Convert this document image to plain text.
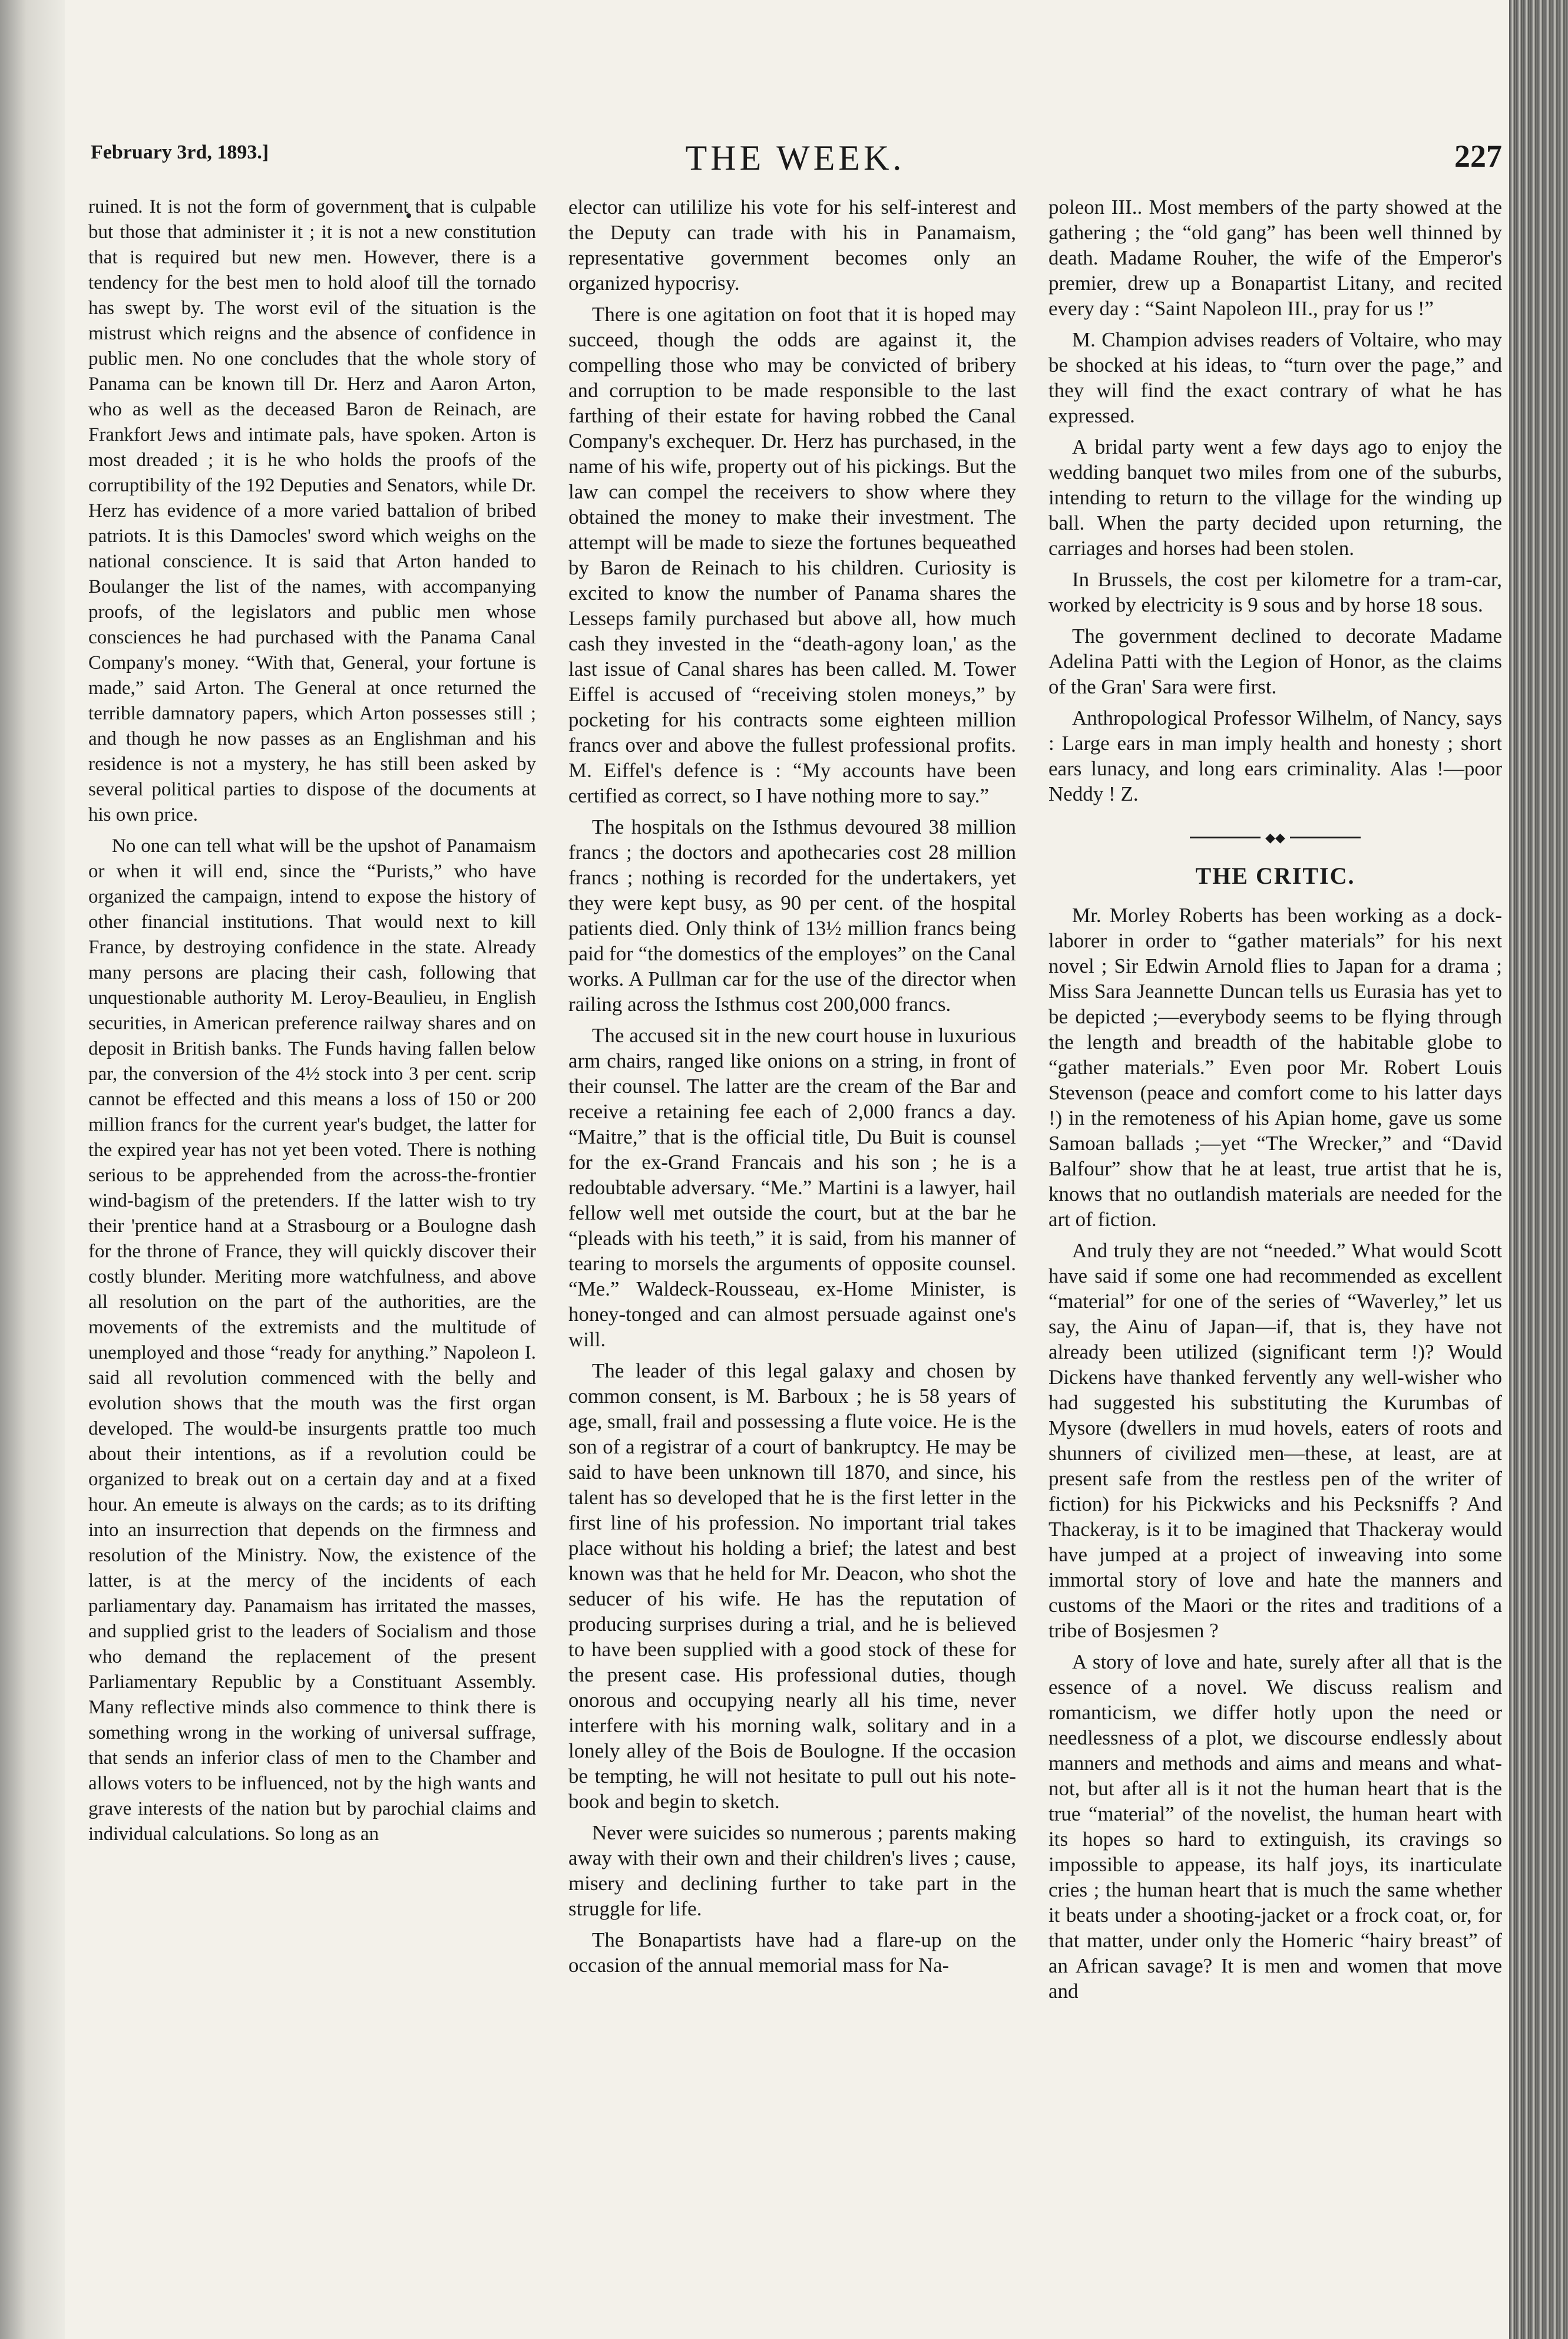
February 3rd, 1893.]	THE WEEK.	227

ruined. It is not the form of government that is culpable but those that administer it ; it is not a new constitution that is required but new men. However, there is a tendency for the best men to hold aloof till the tornado has swept by. The worst evil of the situation is the mistrust which reigns and the absence of confidence in public men. No one concludes that the whole story of Panama can be known till Dr. Herz and Aaron Arton, who as well as the deceased Baron de Reinach, are Frankfort Jews and intimate pals, have spoken. Arton is most dreaded ; it is he who holds the proofs of the corruptibility of the 192 Deputies and Senators, while Dr. Herz has evidence of a more varied battalion of bribed patriots. It is this Damocles' sword which weighs on the national conscience. It is said that Arton handed to Boulanger the list of the names, with accompanying proofs, of the legislators and public men whose consciences he had purchased with the Panama Canal Company's money. “With that, General, your fortune is made,” said Arton. The General at once returned the terrible damnatory papers, which Arton possesses still ; and though he now passes as an Englishman and his residence is not a mystery, he has still been asked by several political parties to dispose of the documents at his own price.

No one can tell what will be the upshot of Panamaism or when it will end, since the “Purists,” who have organized the campaign, intend to expose the history of other financial institutions. That would next to kill France, by destroying confidence in the state. Already many persons are placing their cash, following that unquestionable authority M. Leroy-Beaulieu, in English securities, in American preference railway shares and on deposit in British banks. The Funds having fallen below par, the conversion of the 4½ stock into 3 per cent. scrip cannot be effected and this means a loss of 150 or 200 million francs for the current year's budget, the latter for the expired year has not yet been voted. There is nothing serious to be apprehended from the across-the-frontier wind-bagism of the pretenders. If the latter wish to try their 'prentice hand at a Strasbourg or a Boulogne dash for the throne of France, they will quickly discover their costly blunder. Meriting more watchfulness, and above all resolution on the part of the authorities, are the movements of the extremists and the multitude of unemployed and those “ready for anything.” Napoleon I. said all revolution commenced with the belly and evolution shows that the mouth was the first organ developed. The would-be insurgents prattle too much about their intentions, as if a revolution could be organized to break out on a certain day and at a fixed hour. An emeute is always on the cards; as to its drifting into an insurrection that depends on the firmness and resolution of the Ministry. Now, the existence of the latter, is at the mercy of the incidents of each parliamentary day. Panamaism has irritated the masses, and supplied grist to the leaders of Socialism and those who demand the replacement of the present Parliamentary Republic by a Constituant Assembly. Many reflective minds also commence to think there is something wrong in the working of universal suffrage, that sends an inferior class of men to the Chamber and allows voters to be influenced, not by the high wants and grave interests of the nation but by parochial claims and individual calculations. So long as an

elector can utililize his vote for his self-interest and the Deputy can trade with his in Panamaism, representative government becomes only an organized hypocrisy.

There is one agitation on foot that it is hoped may succeed, though the odds are against it, the compelling those who may be convicted of bribery and corruption to be made responsible to the last farthing of their estate for having robbed the Canal Company's exchequer. Dr. Herz has purchased, in the name of his wife, property out of his pickings. But the law can compel the receivers to show where they obtained the money to make their investment. The attempt will be made to sieze the fortunes bequeathed by Baron de Reinach to his children. Curiosity is excited to know the number of Panama shares the Lesseps family purchased but above all, how much cash they invested in the “death-agony loan,' as the last issue of Canal shares has been called. M. Tower Eiffel is accused of “receiving stolen moneys,” by pocketing for his contracts some eighteen million francs over and above the fullest professional profits. M. Eiffel's defence is : “My accounts have been certified as correct, so I have nothing more to say.”

The hospitals on the Isthmus devoured 38 million francs ; the doctors and apothecaries cost 28 million francs ; nothing is recorded for the undertakers, yet they were kept busy, as 90 per cent. of the hospital patients died. Only think of 13½ million francs being paid for “the domestics of the employes” on the Canal works. A Pullman car for the use of the director when railing across the Isthmus cost 200,000 francs.

The accused sit in the new court house in luxurious arm chairs, ranged like onions on a string, in front of their counsel. The latter are the cream of the Bar and receive a retaining fee each of 2,000 francs a day. “Maitre,” that is the official title, Du Buit is counsel for the ex-Grand Francais and his son ; he is a redoubtable adversary. “Me.” Martini is a lawyer, hail fellow well met outside the court, but at the bar he “pleads with his teeth,” it is said, from his manner of tearing to morsels the arguments of opposite counsel. “Me.” Waldeck-Rousseau, ex-Home Minister, is honey-tonged and can almost persuade against one's will.

The leader of this legal galaxy and chosen by common consent, is M. Barboux ; he is 58 years of age, small, frail and possessing a flute voice. He is the son of a registrar of a court of bankruptcy. He may be said to have been unknown till 1870, and since, his talent has so developed that he is the first letter in the first line of his profession. No important trial takes place without his holding a brief; the latest and best known was that he held for Mr. Deacon, who shot the seducer of his wife. He has the reputation of producing surprises during a trial, and he is believed to have been supplied with a good stock of these for the present case. His professional duties, though onorous and occupying nearly all his time, never interfere with his morning walk, solitary and in a lonely alley of the Bois de Boulogne. If the occasion be tempting, he will not hesitate to pull out his note-book and begin to sketch.

Never were suicides so numerous ; parents making away with their own and their children's lives ; cause, misery and declining further to take part in the struggle for life.

The Bonapartists have had a flare-up on the occasion of the annual memorial mass for Na-

poleon III.. Most members of the party showed at the gathering ; the “old gang” has been well thinned by death. Madame Rouher, the wife of the Emperor's premier, drew up a Bonapartist Litany, and recited every day : “Saint Napoleon III., pray for us !”

M. Champion advises readers of Voltaire, who may be shocked at his ideas, to “turn over the page,” and they will find the exact contrary of what he has expressed.

A bridal party went a few days ago to enjoy the wedding banquet two miles from one of the suburbs, intending to return to the village for the winding up ball. When the party decided upon returning, the carriages and horses had been stolen.

In Brussels, the cost per kilometre for a tram-car, worked by electricity is 9 sous and by horse 18 sous.

The government declined to decorate Madame Adelina Patti with the Legion of Honor, as the claims of the Gran' Sara were first.

Anthropological Professor Wilhelm, of Nancy, says : Large ears in man imply health and honesty ; short ears lunacy, and long ears criminality. Alas !—poor Neddy ! Z.

◆◆
THE CRITIC.

Mr. Morley Roberts has been working as a dock-laborer in order to “gather materials” for his next novel ; Sir Edwin Arnold flies to Japan for a drama ; Miss Sara Jeannette Duncan tells us Eurasia has yet to be depicted ;—everybody seems to be flying through the length and breadth of the habitable globe to “gather materials.” Even poor Mr. Robert Louis Stevenson (peace and comfort come to his latter days !) in the remoteness of his Apian home, gave us some Samoan ballads ;—yet “The Wrecker,” and “David Balfour” show that he at least, true artist that he is, knows that no outlandish materials are needed for the art of fiction.

And truly they are not “needed.” What would Scott have said if some one had recommended as excellent “material” for one of the series of “Waverley,” let us say, the Ainu of Japan—if, that is, they have not already been utilized (significant term !)? Would Dickens have thanked fervently any well-wisher who had suggested his substituting the Kurumbas of Mysore (dwellers in mud hovels, eaters of roots and shunners of civilized men—these, at least, are at present safe from the restless pen of the writer of fiction) for his Pickwicks and his Pecksniffs ? And Thackeray, is it to be imagined that Thackeray would have jumped at a project of inweaving into some immortal story of love and hate the manners and customs of the Maori or the rites and traditions of a tribe of Bosjesmen ?

A story of love and hate, surely after all that is the essence of a novel. We discuss realism and romanticism, we differ hotly upon the need or needlessness of a plot, we discourse endlessly about manners and methods and aims and means and what-not, but after all is it not the human heart that is the true “material” of the novelist, the human heart with its hopes so hard to extinguish, its cravings so impossible to appease, its half joys, its inarticulate cries ; the human heart that is much the same whether it beats under a shooting-jacket or a frock coat, or, for that matter, under only the Homeric “hairy breast” of an African savage? It is men and women that move and
